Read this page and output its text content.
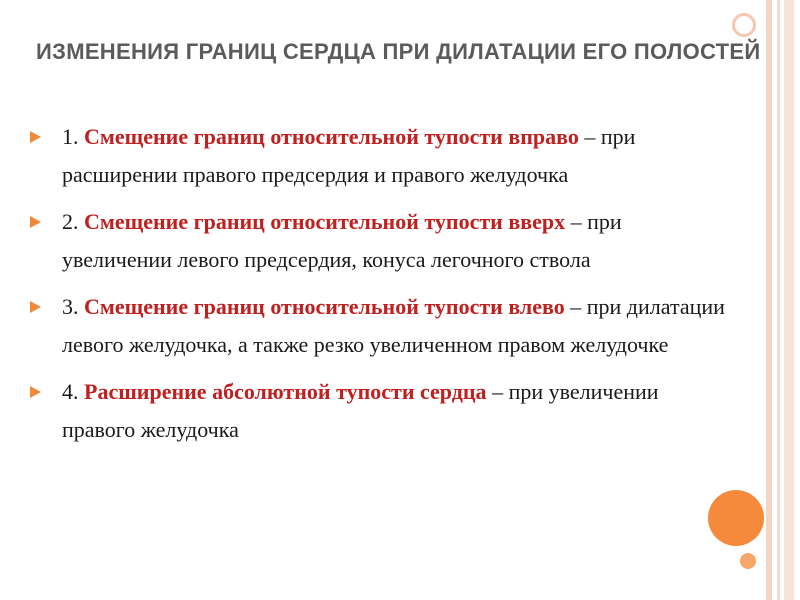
ИЗМЕНЕНИЯ ГРАНИЦ СЕРДЦА ПРИ ДИЛАТАЦИИ ЕГО ПОЛОСТЕЙ
1. Смещение границ относительной тупости вправо – при расширении правого предсердия и правого желудочка
2. Смещение границ относительной тупости вверх – при увеличении левого предсердия, конуса легочного ствола
3. Смещение границ относительной тупости влево – при дилатации левого желудочка, а также резко увеличенном правом желудочке
4. Расширение абсолютной тупости сердца – при увеличении правого желудочка
